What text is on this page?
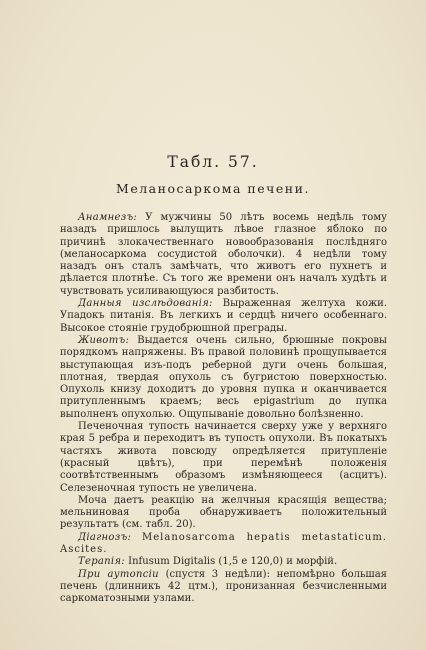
Табл. 57.
Меланосаркома печени.

Анамнезъ: У мужчины 50 лѣтъ восемь недѣль тому назадъ пришлось вылущить лѣвое глазное яблоко по причинѣ злокачественнаго новообразованія послѣдняго (меланосаркома сосудистой оболочки). 4 недѣли тому назадъ онъ сталъ замѣчать, что животъ его пухнетъ и дѣлается плотнѣе. Съ того же времени онъ началъ худѣть и чувствовать усиливающуюся разбитость.

Данныя изслѣдованія: Выраженная желтуха кожи. Упадокъ питанія. Въ легкихъ и сердцѣ ничего особеннаго. Высокое стояніе грудобрюшной преграды.

Животъ: Выдается очень сильно, брюшные покровы порядкомъ напряжены. Въ правой половинѣ прощупывается выступающая изъ-подъ реберной дуги очень большая, плотная, твердая опухоль съ бугристою поверхностью. Опухоль книзу доходитъ до уровня пупка и оканчивается притупленнымъ краемъ; весь epigastrium до пупка выполненъ опухолью. Ощупываніе довольно болѣзненно.

Печеночная тупость начинается сверху уже у верхняго края 5 ребра и переходитъ въ тупость опухоли. Въ покатыхъ частяхъ живота повсюду опредѣляется притупленіе (красный цвѣтъ), при перемѣнѣ положенія соотвѣтственнымъ образомъ измѣняющееся (асцитъ). Селезеночная тупость не увеличена.

Моча даетъ реакцію на желчныя красящія вещества; мельниновая проба обнаруживаетъ положительный результатъ (см. табл. 20).

Діагнозъ: Melanosarcoma hepatis metastaticum. Ascites.

Терапія: Infusum Digitalis (1,5 е 120,0) и морфій.

При аутопсіи (спустя 3 недѣли): непомѣрно большая печень (длинникъ 42 цтм.), пронизанная безчисленными саркоматозными узлами.
